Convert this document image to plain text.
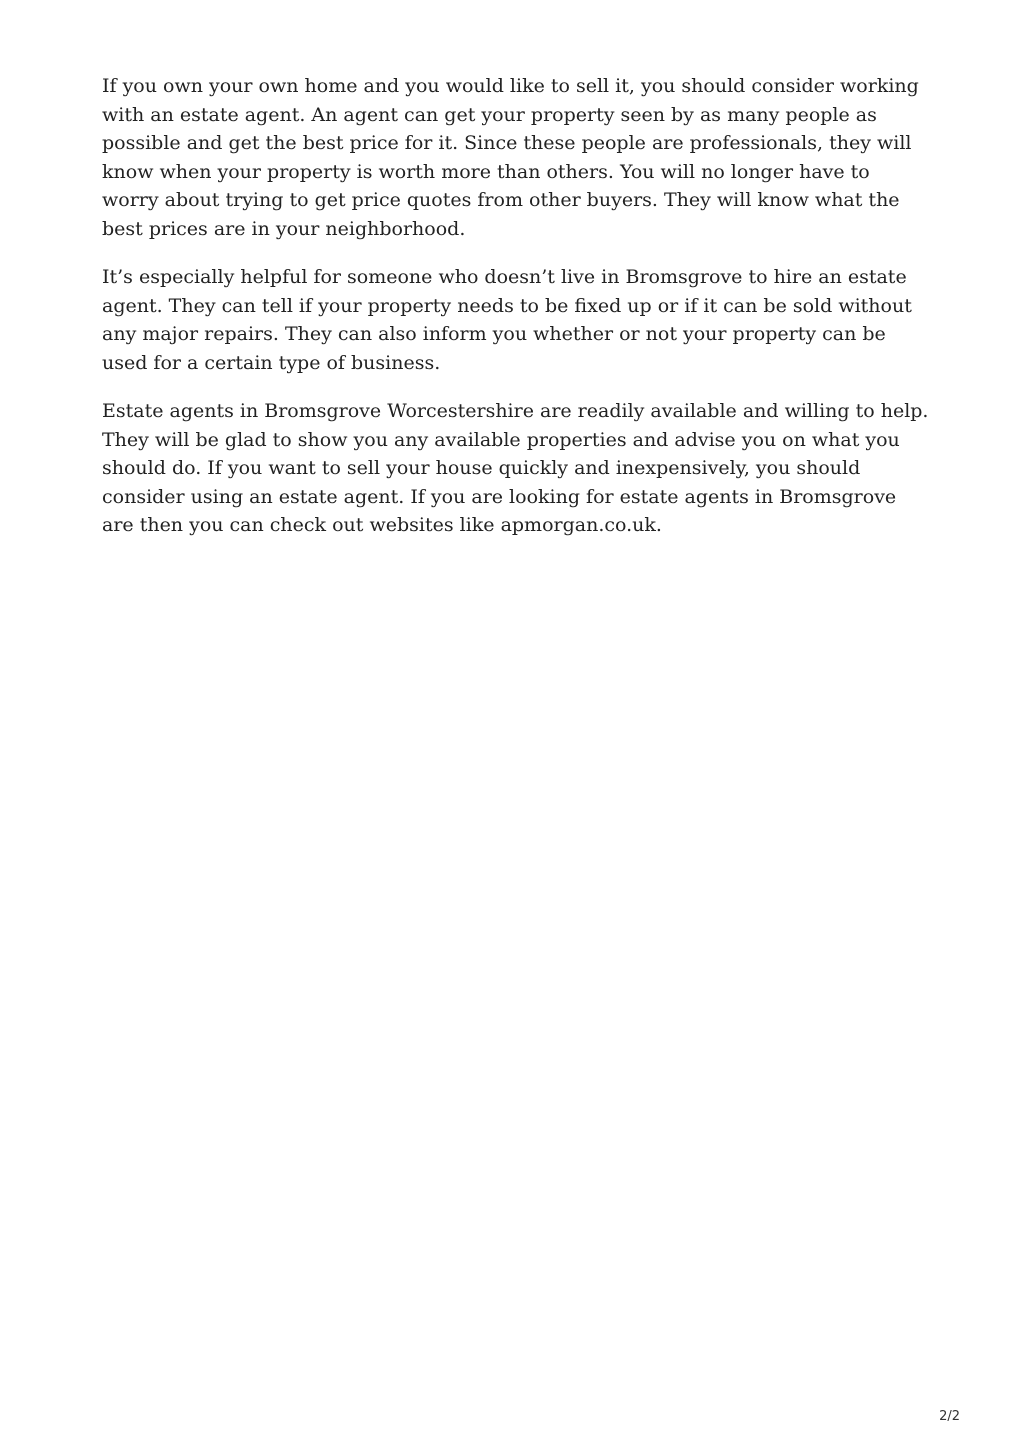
If you own your own home and you would like to sell it, you should consider working with an estate agent. An agent can get your property seen by as many people as possible and get the best price for it. Since these people are professionals, they will know when your property is worth more than others. You will no longer have to worry about trying to get price quotes from other buyers. They will know what the best prices are in your neighborhood.

It’s especially helpful for someone who doesn’t live in Bromsgrove to hire an estate agent. They can tell if your property needs to be fixed up or if it can be sold without any major repairs. They can also inform you whether or not your property can be used for a certain type of business.

Estate agents in Bromsgrove Worcestershire are readily available and willing to help. They will be glad to show you any available properties and advise you on what you should do. If you want to sell your house quickly and inexpensively, you should consider using an estate agent. If you are looking for estate agents in Bromsgrove are then you can check out websites like apmorgan.co.uk.

2/2
